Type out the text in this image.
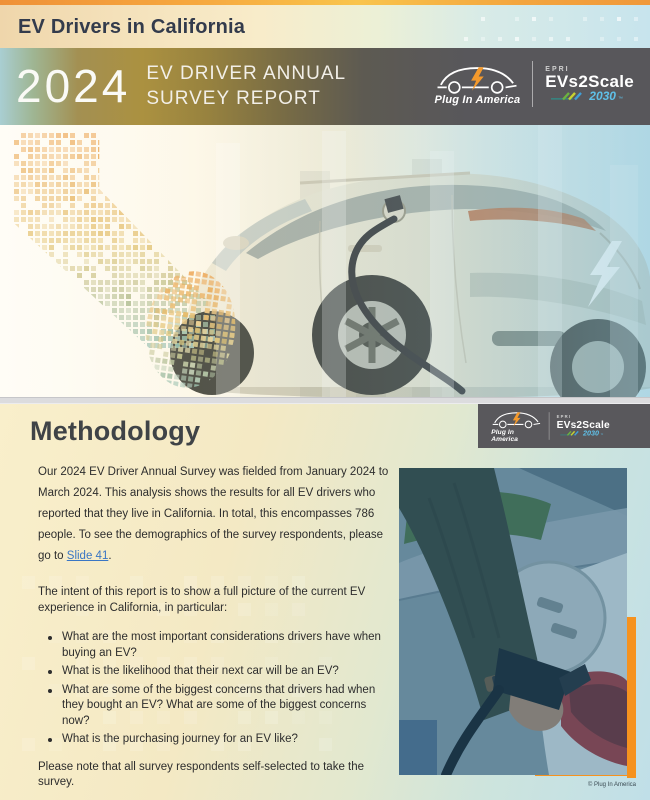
EV Drivers in California
2024 EV DRIVER ANNUAL
SURVEY REPORT	Plug In America
EPRI
EVs2Scale
2030 ™
Plug In America
EPRI
EVs2Scale
2030 ™
Methodology

Our 2024 EV Driver Annual Survey was fielded from January 2024 to March 2024. This analysis shows the results for all EV drivers who reported that they live in California. In total, this encompasses 786 people. To see the demographics of the survey respondents, please go to Slide 41.

The intent of this report is to show a full picture of the current EV experience in California, in particular:

What are the most important considerations drivers have when buying an EV?
What is the likelihood that their next car will be an EV?
What are some of the biggest concerns that drivers had when they bought an EV? What are some of the biggest concerns now?
What is the purchasing journey for an EV like?

Please note that all survey respondents self-selected to take the survey.	© Plug In America
